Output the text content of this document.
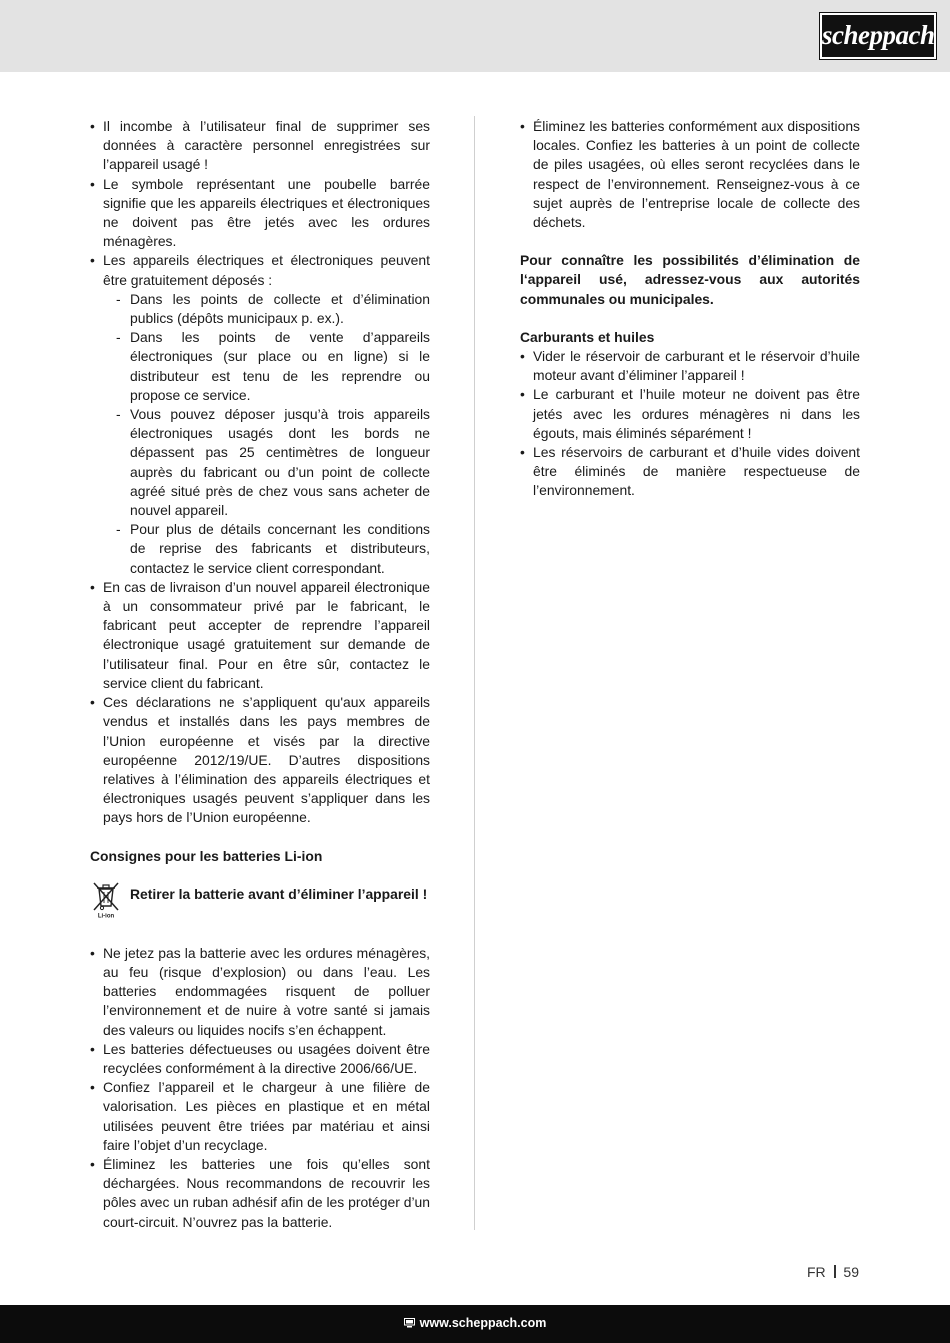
scheppach
• Il incombe à l’utilisateur final de supprimer ses données à caractère personnel enregistrées sur l’appareil usagé !
• Le symbole représentant une poubelle barrée signifie que les appareils électriques et électroniques ne doivent pas être jetés avec les ordures ménagères.
• Les appareils électriques et électroniques peuvent être gratuitement déposés :
- Dans les points de collecte et d’élimination publics (dépôts municipaux p. ex.).
- Dans les points de vente d’appareils électroniques (sur place ou en ligne) si le distributeur est tenu de les reprendre ou propose ce service.
- Vous pouvez déposer jusqu’à trois appareils électroniques usagés dont les bords ne dépassent pas 25 centimètres de longueur auprès du fabricant ou d’un point de collecte agréé situé près de chez vous sans acheter de nouvel appareil.
- Pour plus de détails concernant les conditions de reprise des fabricants et distributeurs, contactez le service client correspondant.
• En cas de livraison d’un nouvel appareil électronique à un consommateur privé par le fabricant, le fabricant peut accepter de reprendre l’appareil électronique usagé gratuitement sur demande de l’utilisateur final. Pour en être sûr, contactez le service client du fabricant.
• Ces déclarations ne s’appliquent qu'aux appareils vendus et installés dans les pays membres de l’Union européenne et visés par la directive européenne 2012/19/UE. D’autres dispositions relatives à l’élimination des appareils électriques et électroniques usagés peuvent s’appliquer dans les pays hors de l’Union européenne.

Consignes pour les batteries Li-ion

Li-ion
Retirer la batterie avant d’éliminer l’appareil !
• Ne jetez pas la batterie avec les ordures ménagères, au feu (risque d’explosion) ou dans l’eau. Les batteries endommagées risquent de polluer l’environnement et de nuire à votre santé si jamais des valeurs ou liquides nocifs s’en échappent.
• Les batteries défectueuses ou usagées doivent être recyclées conformément à la directive 2006/66/UE.
• Confiez l’appareil et le chargeur à une filière de valorisation. Les pièces en plastique et en métal utilisées peuvent être triées par matériau et ainsi faire l’objet d’un recyclage.
• Éliminez les batteries une fois qu’elles sont déchargées. Nous recommandons de recouvrir les pôles avec un ruban adhésif afin de les protéger d’un court-circuit. N’ouvrez pas la batterie.
• Éliminez les batteries conformément aux dispositions locales. Confiez les batteries à un point de collecte de piles usagées, où elles seront recyclées dans le respect de l’environnement. Renseignez-vous à ce sujet auprès de l’entreprise locale de collecte des déchets.

Pour connaître les possibilités d’élimination de l‘appareil usé, adressez-vous aux autorités communales ou municipales.

Carburants et huiles

• Vider le réservoir de carburant et le réservoir d’huile moteur avant d’éliminer l’appareil !
• Le carburant et l’huile moteur ne doivent pas être jetés avec les ordures ménagères ni dans les égouts, mais éliminés séparément !
• Les réservoirs de carburant et d’huile vides doivent être éliminés de manière respectueuse de l’environnement.
FR 59
www.scheppach.com
